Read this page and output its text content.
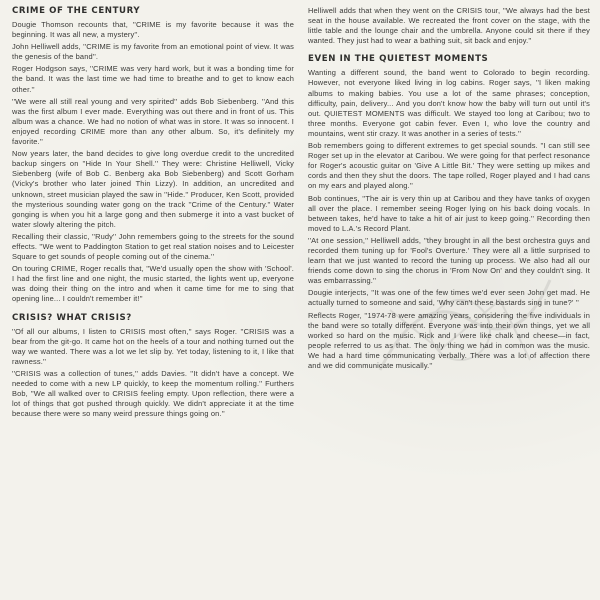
CRIME OF THE CENTURY

Dougie Thomson recounts that, ''CRIME is my favorite because it was the beginning. It was all new, a mystery''.

John Helliwell adds, ''CRIME is my favorite from an emotional point of view. It was the genesis of the band''.

Roger Hodgson says, ''CRIME was very hard work, but it was a bonding time for the band. It was the last time we had time to breathe and to get to know each other.''

''We were all still real young and very spirited'' adds Bob Siebenberg. ''And this was the first album I ever made. Everything was out there and in front of us. This album was a chance. We had no notion of what was in store. It was so innocent. I enjoyed recording CRIME more than any other album. So, it's definitely my favorite.''

Now years later, the band decides to give long overdue credit to the uncredited backup singers on ''Hide In Your Shell.'' They were: Christine Helliwell, Vicky Siebenberg (wife of Bob C. Benberg aka Bob Siebenberg) and Scott Gorham (Vicky's brother who later joined Thin Lizzy). In addition, an uncredited and unknown, street musician played the saw in ''Hide.'' Producer, Ken Scott, provided the mysterious sounding water gong on the track ''Crime of the Century.'' Water gonging is when you hit a large gong and then submerge it into a vast bucket of water slowly altering the pitch.

Recalling their classic, ''Rudy'' John remembers going to the streets for the sound effects. ''We went to Paddington Station to get real station noises and to Leicester Square to get sounds of people coming out of the cinema.''

On touring CRIME, Roger recalls that, ''We'd usually open the show with 'School'. I had the first line and one night, the music started, the lights went up, everyone was doing their thing on the intro and when it came time for me to sing that opening line... I couldn't remember it!''

CRISIS? WHAT CRISIS?

''Of all our albums, I listen to CRISIS most often,'' says Roger. ''CRISIS was a bear from the git-go. It came hot on the heels of a tour and nothing turned out the way we wanted. There was a lot we let slip by. Yet today, listening to it, I like that rawness.''

''CRISIS was a collection of tunes,'' adds Davies. ''It didn't have a concept. We needed to come with a new LP quickly, to keep the momentum rolling.'' Furthers Bob, ''We all walked over to CRISIS feeling empty. Upon reflection, there were a lot of things that got pushed through quickly. We didn't appreciate it at the time because there were so many weird pressure things going on.''

Helliwell adds that when they went on the CRISIS tour, ''We always had the best seat in the house available. We recreated the front cover on the stage, with the little table and the lounge chair and the umbrella. Anyone could sit there if they wanted. They just had to wear a bathing suit, sit back and enjoy.''

EVEN IN THE QUIETEST MOMENTS

Wanting a different sound, the band went to Colorado to begin recording. However, not everyone liked living in log cabins. Roger says, ''I liken making albums to making babies. You use a lot of the same phrases; conception, difficulty, pain, delivery... And you don't know how the baby will turn out until it's out. QUIETEST MOMENTS was difficult. We stayed too long at Caribou; two to three months. Everyone got cabin fever. Even I, who love the country and mountains, went stir crazy. It was another in a series of tests.''

Bob remembers going to different extremes to get special sounds. ''I can still see Roger set up in the elevator at Caribou. We were going for that perfect resonance for Roger's acoustic guitar on 'Give A Little Bit.' They were setting up mikes and cords and then they shut the doors. The tape rolled, Roger played and I had cans on my ears and played along.''

Bob continues, ''The air is very thin up at Caribou and they have tanks of oxygen all over the place. I remember seeing Roger lying on his back doing vocals. In between takes, he'd have to take a hit of air just to keep going.'' Recording then moved to L.A.'s Record Plant.

''At one session,'' Helliwell adds, ''they brought in all the best orchestra guys and recorded them tuning up for 'Fool's Overture.' They were all a little surprised to learn that we just wanted to record the tuning up process. We also had all our friends come down to sing the chorus in 'From Now On' and they couldn't sing. It was embarrassing.''

Dougie interjects, ''It was one of the few times we'd ever seen John get mad. He actually turned to someone and said, 'Why can't these bastards sing in tune?' ''

Reflects Roger, ''1974-78 were amazing years, considering the five individuals in the band were so totally different. Everyone was into their own things, yet we all worked so hard on the music. Rick and I were like chalk and cheese—in fact, people referred to us as that. The only thing we had in common was the music. We had a hard time communicating verbally. There was a lot of affection there and we did communicate musically.''
